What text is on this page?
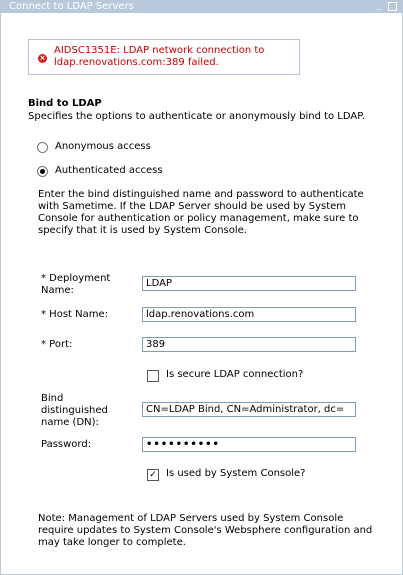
Connect to LDAP Servers	_
×
AIDSC1351E: LDAP network connection to ldap.renovations.com:389 failed.
Bind to LDAP
Specifies the options to authenticate or anonymously bind to LDAP.
Anonymous access
Authenticated access
Enter the bind distinguished name and password to authenticate with Sametime. If the LDAP Server should be used by System Console for authentication or policy management, make sure to specify that it is used by System Console.
* Deployment Name:
LDAP
* Host Name:	ldap.renovations.com
* Port:	389
Is secure LDAP connection?
Bind distinguished name (DN):
CN=LDAP Bind, CN=Administrator, dc=
Password:	••••••••••
✓ Is used by System Console?
Note: Management of LDAP Servers used by System Console require updates to System Console's Websphere configuration and may take longer to complete.
